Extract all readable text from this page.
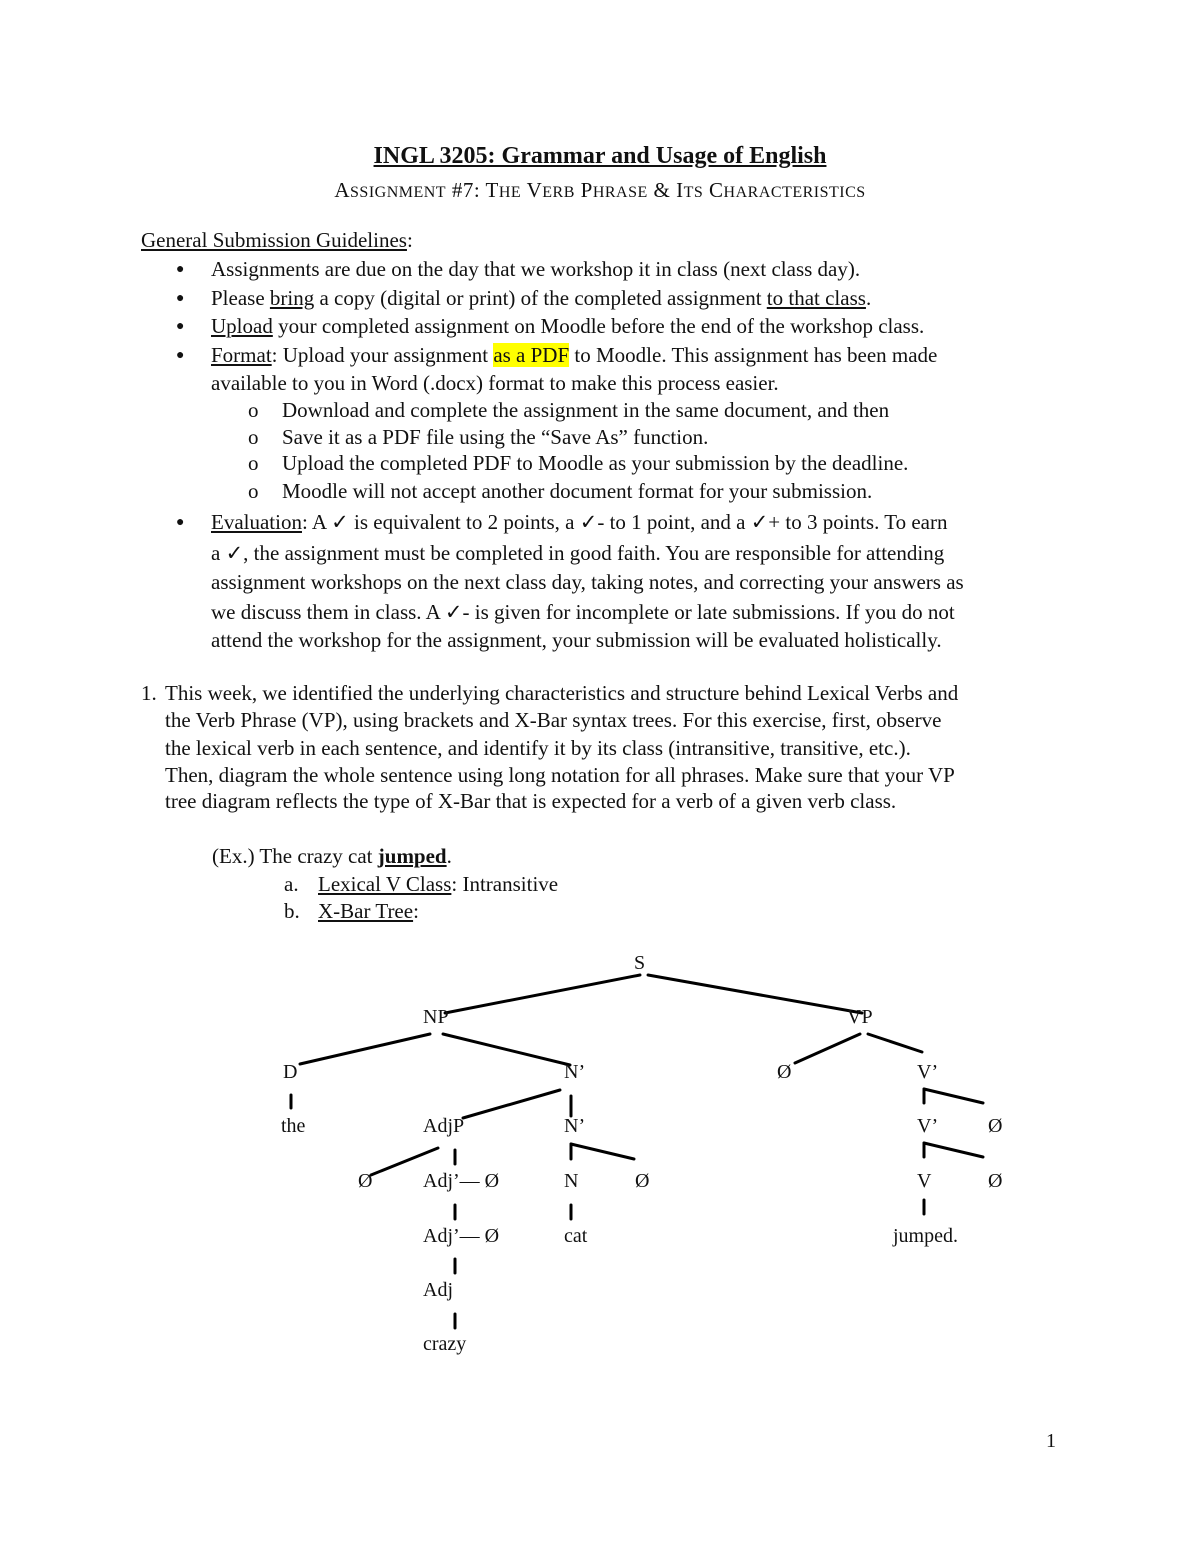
INGL 3205: Grammar and Usage of English
ASSIGNMENT #7: THE VERB PHRASE & ITS CHARACTERISTICS
General Submission Guidelines:
● Assignments are due on the day that we workshop it in class (next class day).
● Please bring a copy (digital or print) of the completed assignment to that class.
● Upload your completed assignment on Moodle before the end of the workshop class.
● Format: Upload your assignment as a PDF to Moodle. This assignment has been made
available to you in Word (.docx) format to make this process easier.
o Download and complete the assignment in the same document, and then
o Save it as a PDF file using the “Save As” function.
o Upload the completed PDF to Moodle as your submission by the deadline.
o Moodle will not accept another document format for your submission.
● Evaluation: A ✓ is equivalent to 2 points, a ✓- to 1 point, and a ✓+ to 3 points. To earn
a ✓, the assignment must be completed in good faith. You are responsible for attending
assignment workshops on the next class day, taking notes, and correcting your answers as
we discuss them in class. A ✓- is given for incomplete or late submissions. If you do not
attend the workshop for the assignment, your submission will be evaluated holistically.
1. This week, we identified the underlying characteristics and structure behind Lexical Verbs and
the Verb Phrase (VP), using brackets and X-Bar syntax trees. For this exercise, first, observe
the lexical verb in each sentence, and identify it by its class (intransitive, transitive, etc.).
Then, diagram the whole sentence using long notation for all phrases. Make sure that your VP
tree diagram reflects the type of X-Bar that is expected for a verb of a given verb class.
(Ex.) The crazy cat jumped.
a. Lexical V Class: Intransitive
b. X-Bar Tree:
S
NP	VP
D	N’	Ø	V’
the	AdjP	N’	V’ Ø
Ø	Adj’— Ø	N	Ø	V	Ø
Adj’— Ø	cat	jumped.
Adj
crazy
1
